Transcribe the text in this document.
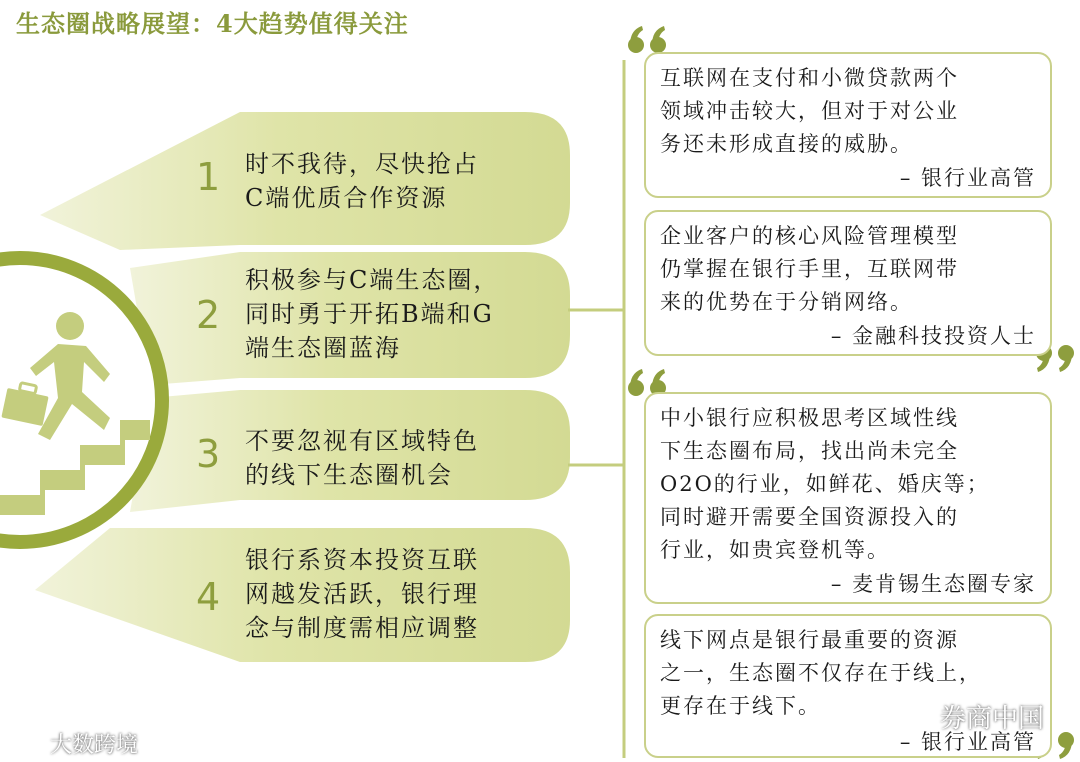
生态圈战略展望：4大趋势值得关注
1 时不我待，尽快抢占
C端优质合作资源
2
积极参与C端生态圈，
同时勇于开拓B端和G
端生态圈蓝海
3 不要忽视有区域特色
的线下生态圈机会
4
银行系资本投资互联
网越发活跃，银行理
念与制度需相应调整
互联网在支付和小微贷款两个
领域冲击较大，但对于对公业
务还未形成直接的威胁。
– 银行业高管
企业客户的核心风险管理模型
仍掌握在银行手里，互联网带
来的优势在于分销网络。
– 金融科技投资人士
中小银行应积极思考区域性线
下生态圈布局，找出尚未完全
O2O的行业，如鲜花、婚庆等；
同时避开需要全国资源投入的
行业，如贵宾登机等。
– 麦肯锡生态圈专家
线下网点是银行最重要的资源
之一，生态圈不仅存在于线上，
更存在于线下。
– 银行业高管
大数跨境
券商中国
